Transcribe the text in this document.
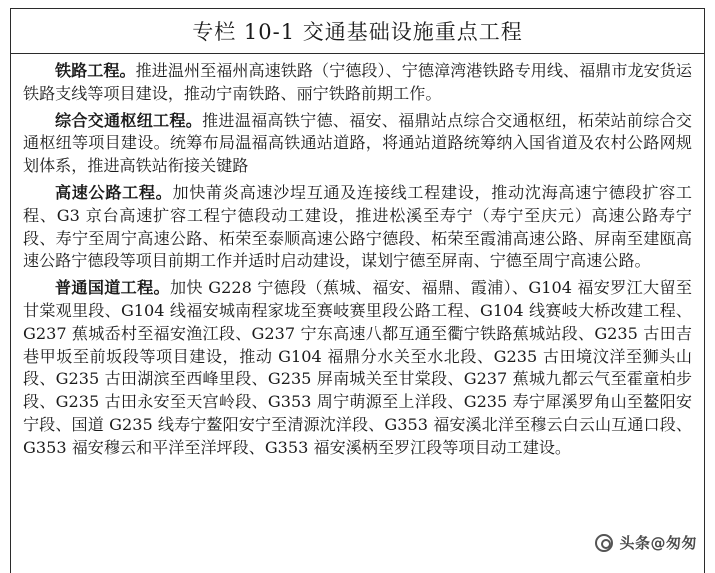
专栏 10-1 交通基础设施重点工程

铁路工程。推进温州至福州高速铁路（宁德段）、宁德漳湾港铁路专用线、福鼎市龙安货运铁路支线等项目建设，推动宁南铁路、丽宁铁路前期工作。

综合交通枢纽工程。推进温福高铁宁德、福安、福鼎站点综合交通枢纽，柘荣站前综合交通枢纽等项目建设。统筹布局温福高铁通站道路，将通站道路统筹纳入国省道及农村公路网规划体系，推进高铁站衔接关键路

高速公路工程。加快莆炎高速沙埕互通及连接线工程建设，推动沈海高速宁德段扩容工程、G3 京台高速扩容工程宁德段动工建设，推进松溪至寿宁（寿宁至庆元）高速公路寿宁段、寿宁至周宁高速公路、柘荣至泰顺高速公路宁德段、柘荣至霞浦高速公路、屏南至建瓯高速公路宁德段等项目前期工作并适时启动建设，谋划宁德至屏南、宁德至周宁高速公路。

普通国道工程。加快 G228 宁德段（蕉城、福安、福鼎、霞浦）、G104 福安罗江大留至甘棠观里段、G104 线福安城南程家垅至赛岐赛里段公路工程、G104 线赛岐大桥改建工程、G237 蕉城岙村至福安渔江段、G237 宁东高速八都互通至衢宁铁路蕉城站段、G235 古田吉巷甲坂至前坂段等项目建设，推动 G104 福鼎分水关至水北段、G235 古田境汶洋至狮头山段、G235 古田湖滨至西峰里段、G235 屏南城关至甘棠段、G237 蕉城九都云气至霍童柏步段、G235 古田永安至天宫岭段、G353 周宁萌源至上洋段、G235 寿宁犀溪罗角山至鳌阳安宁段、国道 G235 线寿宁鳌阳安宁至清源沈洋段、G353 福安溪北洋至穆云白云山互通口段、G353 福安穆云和平洋至洋坪段、G353 福安溪柄至罗江段等项目动工建设。

头条@匆匆
